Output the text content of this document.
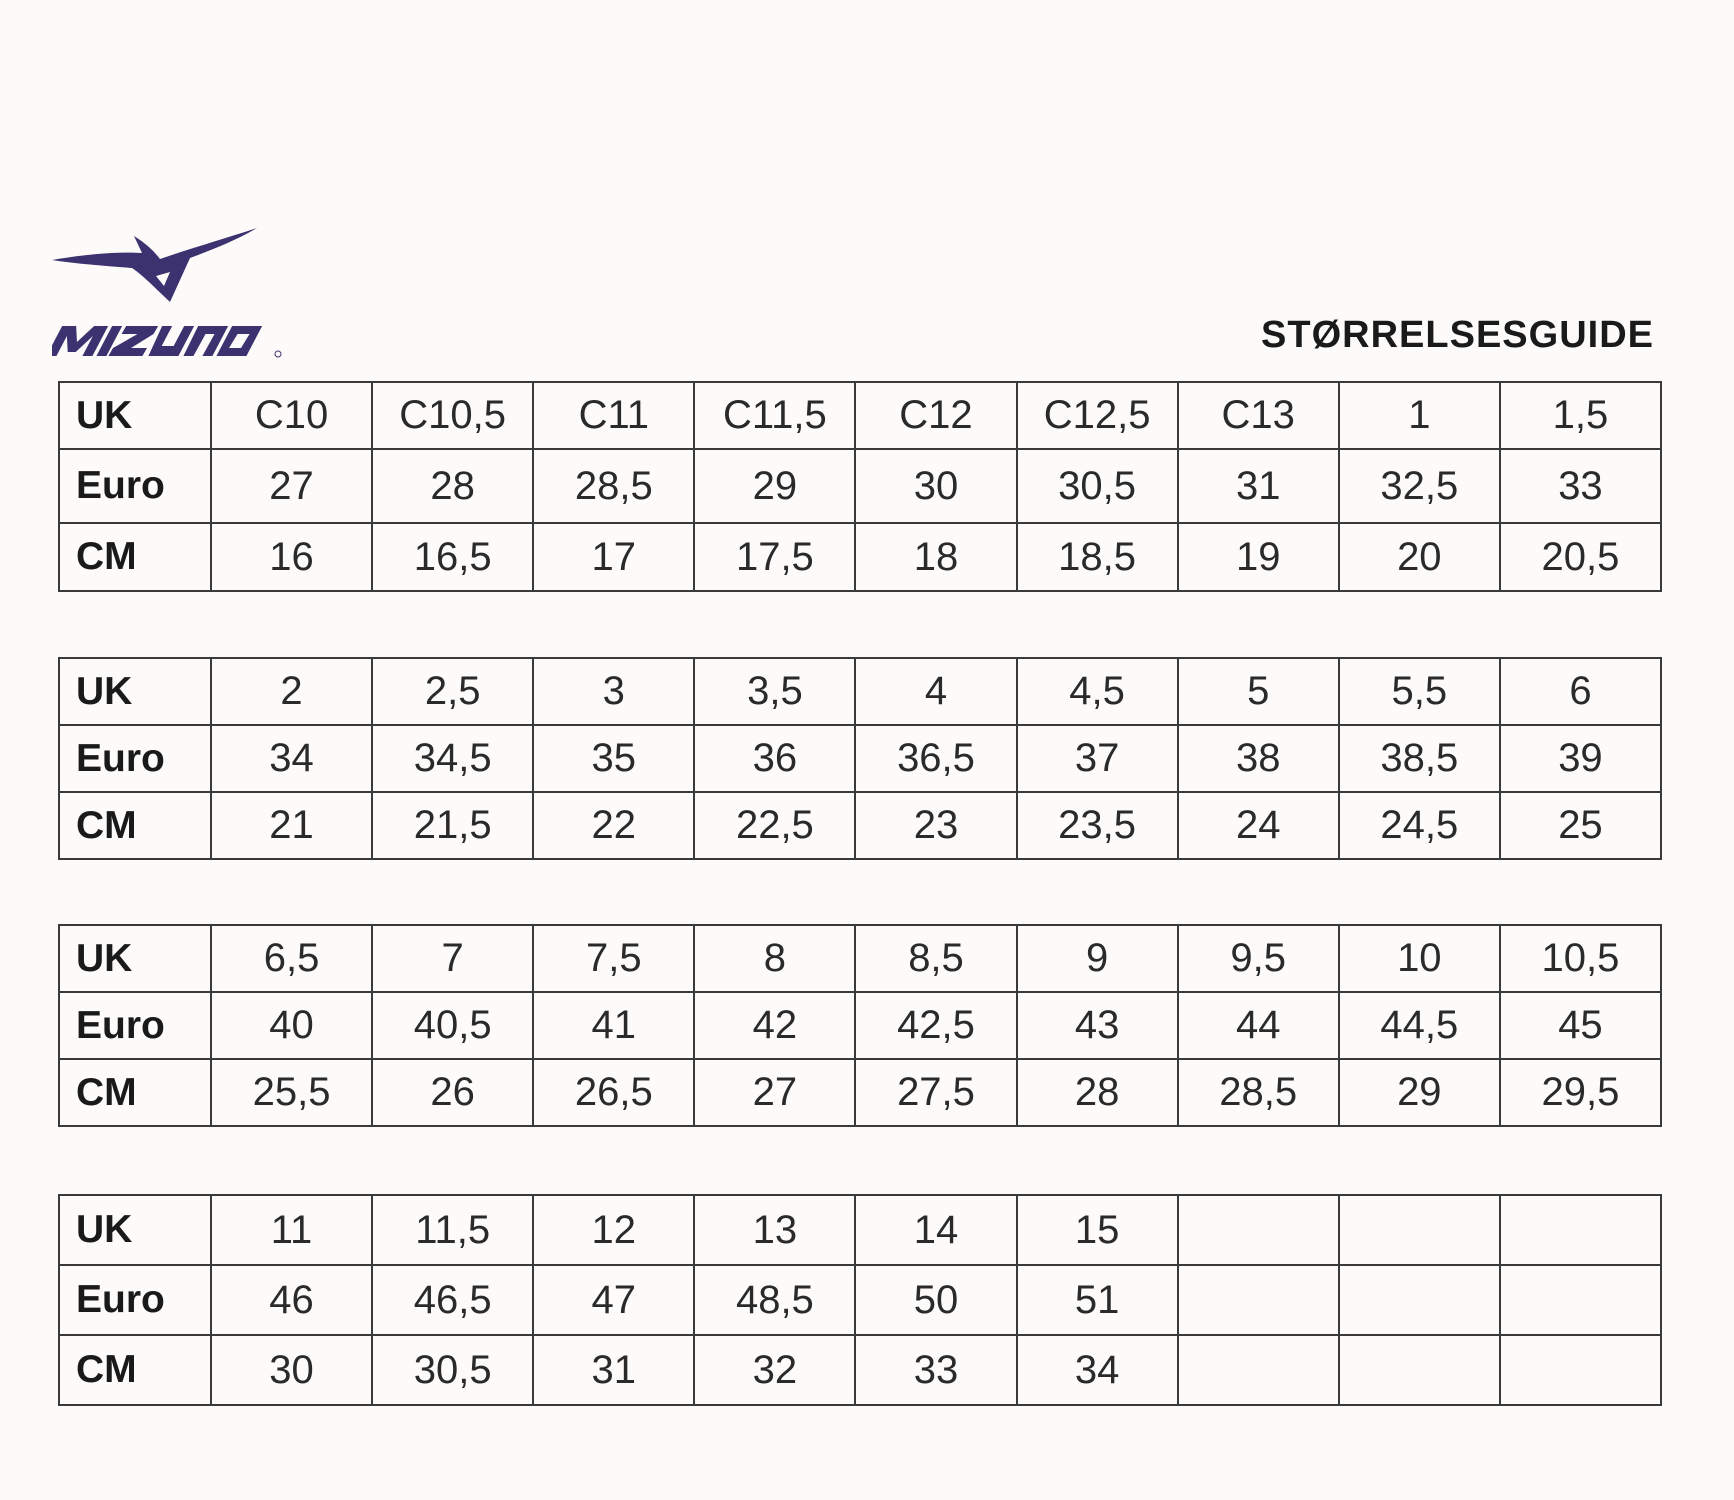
STØRRELSESGUIDE
UK	C10	C10,5	C11	C11,5	C12	C12,5	C13	1	1,5
Euro	27	28	28,5	29	30	30,5	31	32,5	33
CM	16	16,5	17	17,5	18	18,5	19	20	20,5
UK	2	2,5	3	3,5	4	4,5	5	5,5	6
Euro	34	34,5	35	36	36,5	37	38	38,5	39
CM	21	21,5	22	22,5	23	23,5	24	24,5	25
UK	6,5	7	7,5	8	8,5	9	9,5	10	10,5
Euro	40	40,5	41	42	42,5	43	44	44,5	45
CM	25,5	26	26,5	27	27,5	28	28,5	29	29,5
UK	11	11,5	12	13	14	15			
Euro	46	46,5	47	48,5	50	51			
CM	30	30,5	31	32	33	34			
